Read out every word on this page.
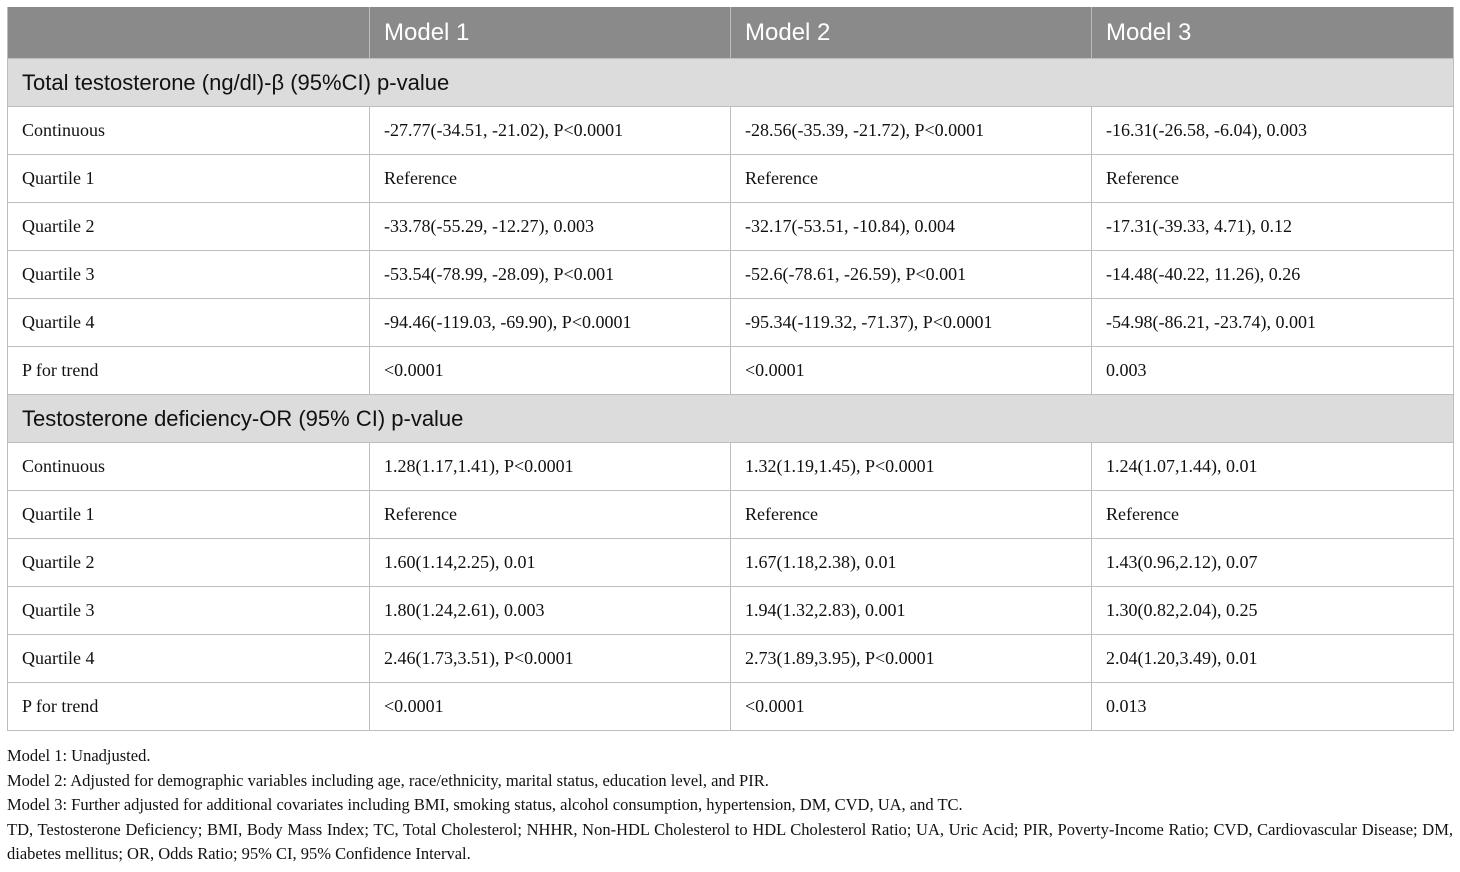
	Model 1	Model 2	Model 3
Total testosterone (ng/dl)-β (95%CI) p-value			
Continuous	-27.77(-34.51, -21.02), P<0.0001	-28.56(-35.39, -21.72), P<0.0001	-16.31(-26.58, -6.04), 0.003
Quartile 1	Reference	Reference	Reference
Quartile 2	-33.78(-55.29, -12.27), 0.003	-32.17(-53.51, -10.84), 0.004	-17.31(-39.33, 4.71), 0.12
Quartile 3	-53.54(-78.99, -28.09), P<0.001	-52.6(-78.61, -26.59), P<0.001	-14.48(-40.22, 11.26), 0.26
Quartile 4	-94.46(-119.03, -69.90), P<0.0001	-95.34(-119.32, -71.37), P<0.0001	-54.98(-86.21, -23.74), 0.001
P for trend	<0.0001	<0.0001	0.003
Testosterone deficiency-OR (95% CI) p-value			
Continuous	1.28(1.17,1.41), P<0.0001	1.32(1.19,1.45), P<0.0001	1.24(1.07,1.44), 0.01
Quartile 1	Reference	Reference	Reference
Quartile 2	1.60(1.14,2.25), 0.01	1.67(1.18,2.38), 0.01	1.43(0.96,2.12), 0.07
Quartile 3	1.80(1.24,2.61), 0.003	1.94(1.32,2.83), 0.001	1.30(0.82,2.04), 0.25
Quartile 4	2.46(1.73,3.51), P<0.0001	2.73(1.89,3.95), P<0.0001	2.04(1.20,3.49), 0.01
P for trend	<0.0001	<0.0001	0.013

Model 1: Unadjusted.

Model 2: Adjusted for demographic variables including age, race/ethnicity, marital status, education level, and PIR.

Model 3: Further adjusted for additional covariates including BMI, smoking status, alcohol consumption, hypertension, DM, CVD, UA, and TC.

TD, Testosterone Deficiency; BMI, Body Mass Index; TC, Total Cholesterol; NHHR, Non-HDL Cholesterol to HDL Cholesterol Ratio; UA, Uric Acid; PIR, Poverty-Income Ratio; CVD, Cardiovascular Disease; DM, diabetes mellitus; OR, Odds Ratio; 95% CI, 95% Confidence Interval.
